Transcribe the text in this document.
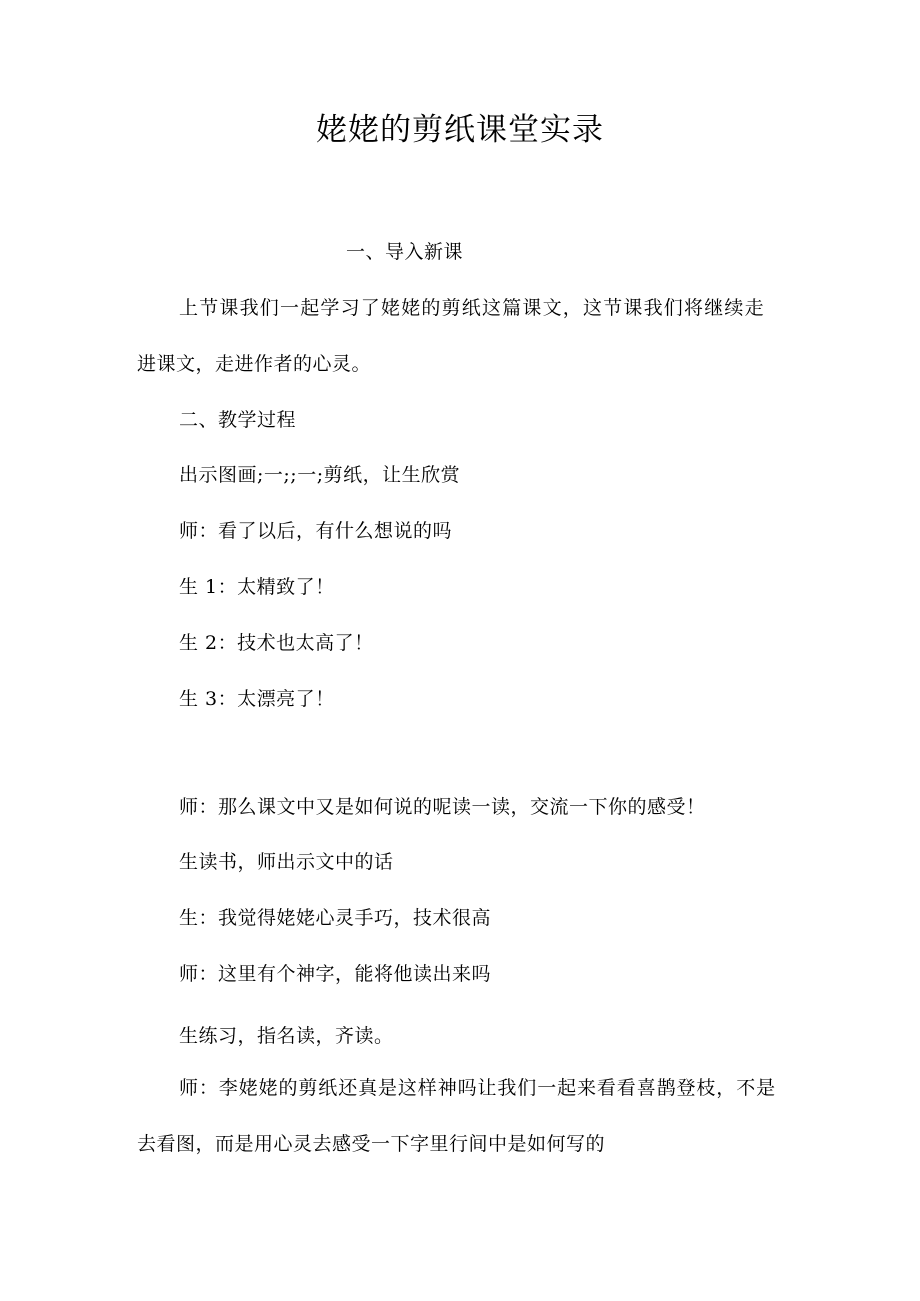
姥姥的剪纸课堂实录
一、导入新课
上节课我们一起学习了姥姥的剪纸这篇课文，这节课我们将继续走
进课文，走进作者的心灵。
二、教学过程
出示图画;一;;一;剪纸，让生欣赏
师：看了以后，有什么想说的吗
生 1：太精致了！
生 2：技术也太高了！
生 3：太漂亮了！
师：那么课文中又是如何说的呢读一读，交流一下你的感受！
生读书，师出示文中的话
生：我觉得姥姥心灵手巧，技术很高
师：这里有个神字，能将他读出来吗
生练习，指名读，齐读。
师：李姥姥的剪纸还真是这样神吗让我们一起来看看喜鹊登枝，不是
去看图，而是用心灵去感受一下字里行间中是如何写的
